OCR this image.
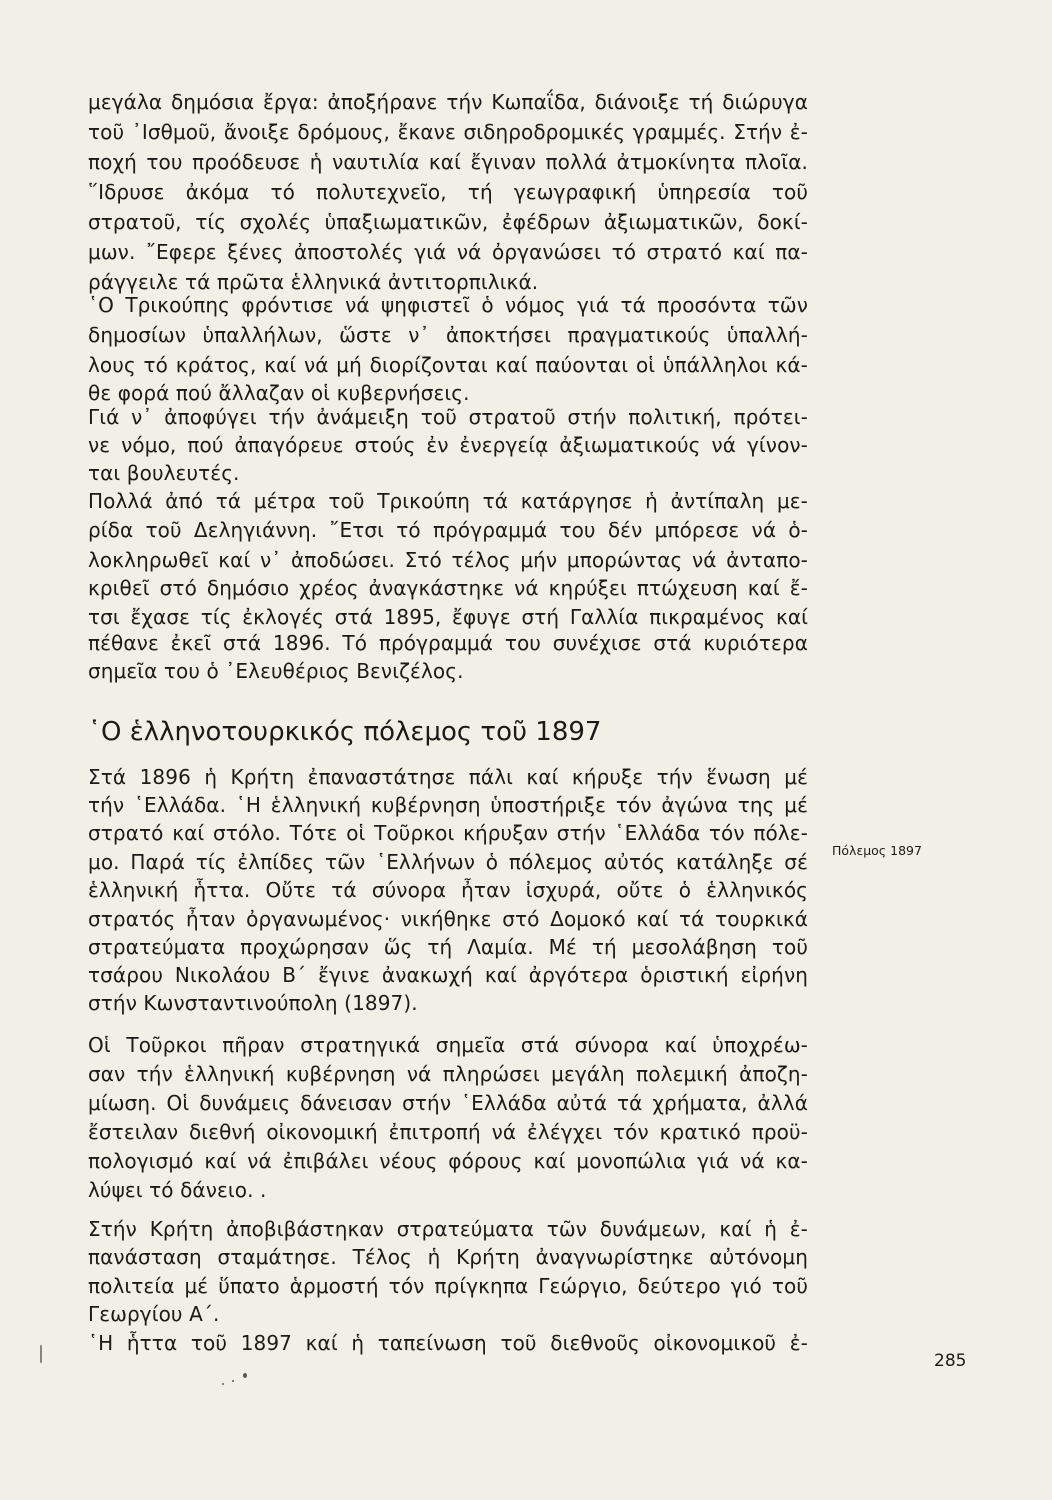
μεγάλα δημόσια ἔργα: ἀποξήρανε τήν Κωπαΐδα, διάνοιξε τή διώρυγα
τοῦ ᾿Ισθμοῦ, ἄνοιξε δρόμους, ἔκανε σιδηροδρομικές γραμμές. Στήν ἐ-
ποχή του προόδευσε ἡ ναυτιλία καί ἔγιναν πολλά ἀτμοκίνητα πλοῖα.
῞Ιδρυσε ἀκόμα τό πολυτεχνεῖο, τή γεωγραφική ὑπηρεσία τοῦ
στρατοῦ, τίς σχολές ὑπαξιωματικῶν, ἐφέδρων ἀξιωματικῶν, δοκί-
μων. ῎Εφερε ξένες ἀποστολές γιά νά ὀργανώσει τό στρατό καί πα-
ράγγειλε τά πρῶτα ἑλληνικά ἀντιτορπιλικά.
῾Ο Τρικούπης φρόντισε νά ψηφιστεῖ ὁ νόμος γιά τά προσόντα τῶν
δημοσίων ὑπαλλήλων, ὥστε ν᾿ ἀποκτήσει πραγματικούς ὑπαλλή-
λους τό κράτος, καί νά μή διορίζονται καί παύονται οἱ ὑπάλληλοι κά-
θε φορά πού ἄλλαζαν οἱ κυβερνήσεις.
Γιά ν᾿ ἀποφύγει τήν ἀνάμειξη τοῦ στρατοῦ στήν πολιτική, πρότει-
νε νόμο, πού ἀπαγόρευε στούς ἐν ἐνεργείᾳ ἀξιωματικούς νά γίνον-
ται βουλευτές.
Πολλά ἀπό τά μέτρα τοῦ Τρικούπη τά κατάργησε ἡ ἀντίπαλη με-
ρίδα τοῦ Δεληγιάννη. ῎Ετσι τό πρόγραμμά του δέν μπόρεσε νά ὁ-
λοκληρωθεῖ καί ν᾿ ἀποδώσει. Στό τέλος μήν μπορώντας νά ἀνταπο-
κριθεῖ στό δημόσιο χρέος ἀναγκάστηκε νά κηρύξει πτώχευση καί ἔ-
τσι ἔχασε τίς ἐκλογές στά 1895, ἔφυγε στή Γαλλία πικραμένος καί
πέθανε ἐκεῖ στά 1896. Τό πρόγραμμά του συνέχισε στά κυριότερα
σημεῖα του ὁ ᾿Ελευθέριος Βενιζέλος.
῾Ο ἑλληνοτουρκικός πόλεμος τοῦ 1897
Πόλεμος 1897
Στά 1896 ἡ Κρήτη ἐπαναστάτησε πάλι καί κήρυξε τήν ἕνωση μέ
τήν ῾Ελλάδα. ῾Η ἑλληνική κυβέρνηση ὑποστήριξε τόν ἀγώνα της μέ
στρατό καί στόλο. Τότε οἱ Τοῦρκοι κήρυξαν στήν ῾Ελλάδα τόν πόλε-
μο. Παρά τίς ἐλπίδες τῶν ῾Ελλήνων ὁ πόλεμος αὐτός κατάληξε σέ
ἑλληνική ἧττα. Οὔτε τά σύνορα ἦταν ἰσχυρά, οὔτε ὁ ἑλληνικός
στρατός ἦταν ὀργανωμένος· νικήθηκε στό Δομοκό καί τά τουρκικά
στρατεύματα προχώρησαν ὥς τή Λαμία. Μέ τή μεσολάβηση τοῦ
τσάρου Νικολάου Β΄ ἔγινε ἀνακωχή καί ἀργότερα ὁριστική εἰρήνη
στήν Κωνσταντινούπολη (1897).
Οἱ Τοῦρκοι πῆραν στρατηγικά σημεῖα στά σύνορα καί ὑποχρέω-
σαν τήν ἑλληνική κυβέρνηση νά πληρώσει μεγάλη πολεμική ἀποζη-
μίωση. Οἱ δυνάμεις δάνεισαν στήν ῾Ελλάδα αὐτά τά χρήματα, ἀλλά
ἔστειλαν διεθνή οἰκονομική ἐπιτροπή νά ἐλέγχει τόν κρατικό προϋ-
πολογισμό καί νά ἐπιβάλει νέους φόρους καί μονοπώλια γιά νά κα-
λύψει τό δάνειο. .
Στήν Κρήτη ἀποβιβάστηκαν στρατεύματα τῶν δυνάμεων, καί ἡ ἐ-
πανάσταση σταμάτησε. Τέλος ἡ Κρήτη ἀναγνωρίστηκε αὐτόνομη
πολιτεία μέ ὕπατο ἁρμοστή τόν πρίγκηπα Γεώργιο, δεύτερο γιό τοῦ
Γεωργίου Α΄.
῾Η ἧττα τοῦ 1897 καί ἡ ταπείνωση τοῦ διεθνοῦς οἰκονομικοῦ ἐ-
285
